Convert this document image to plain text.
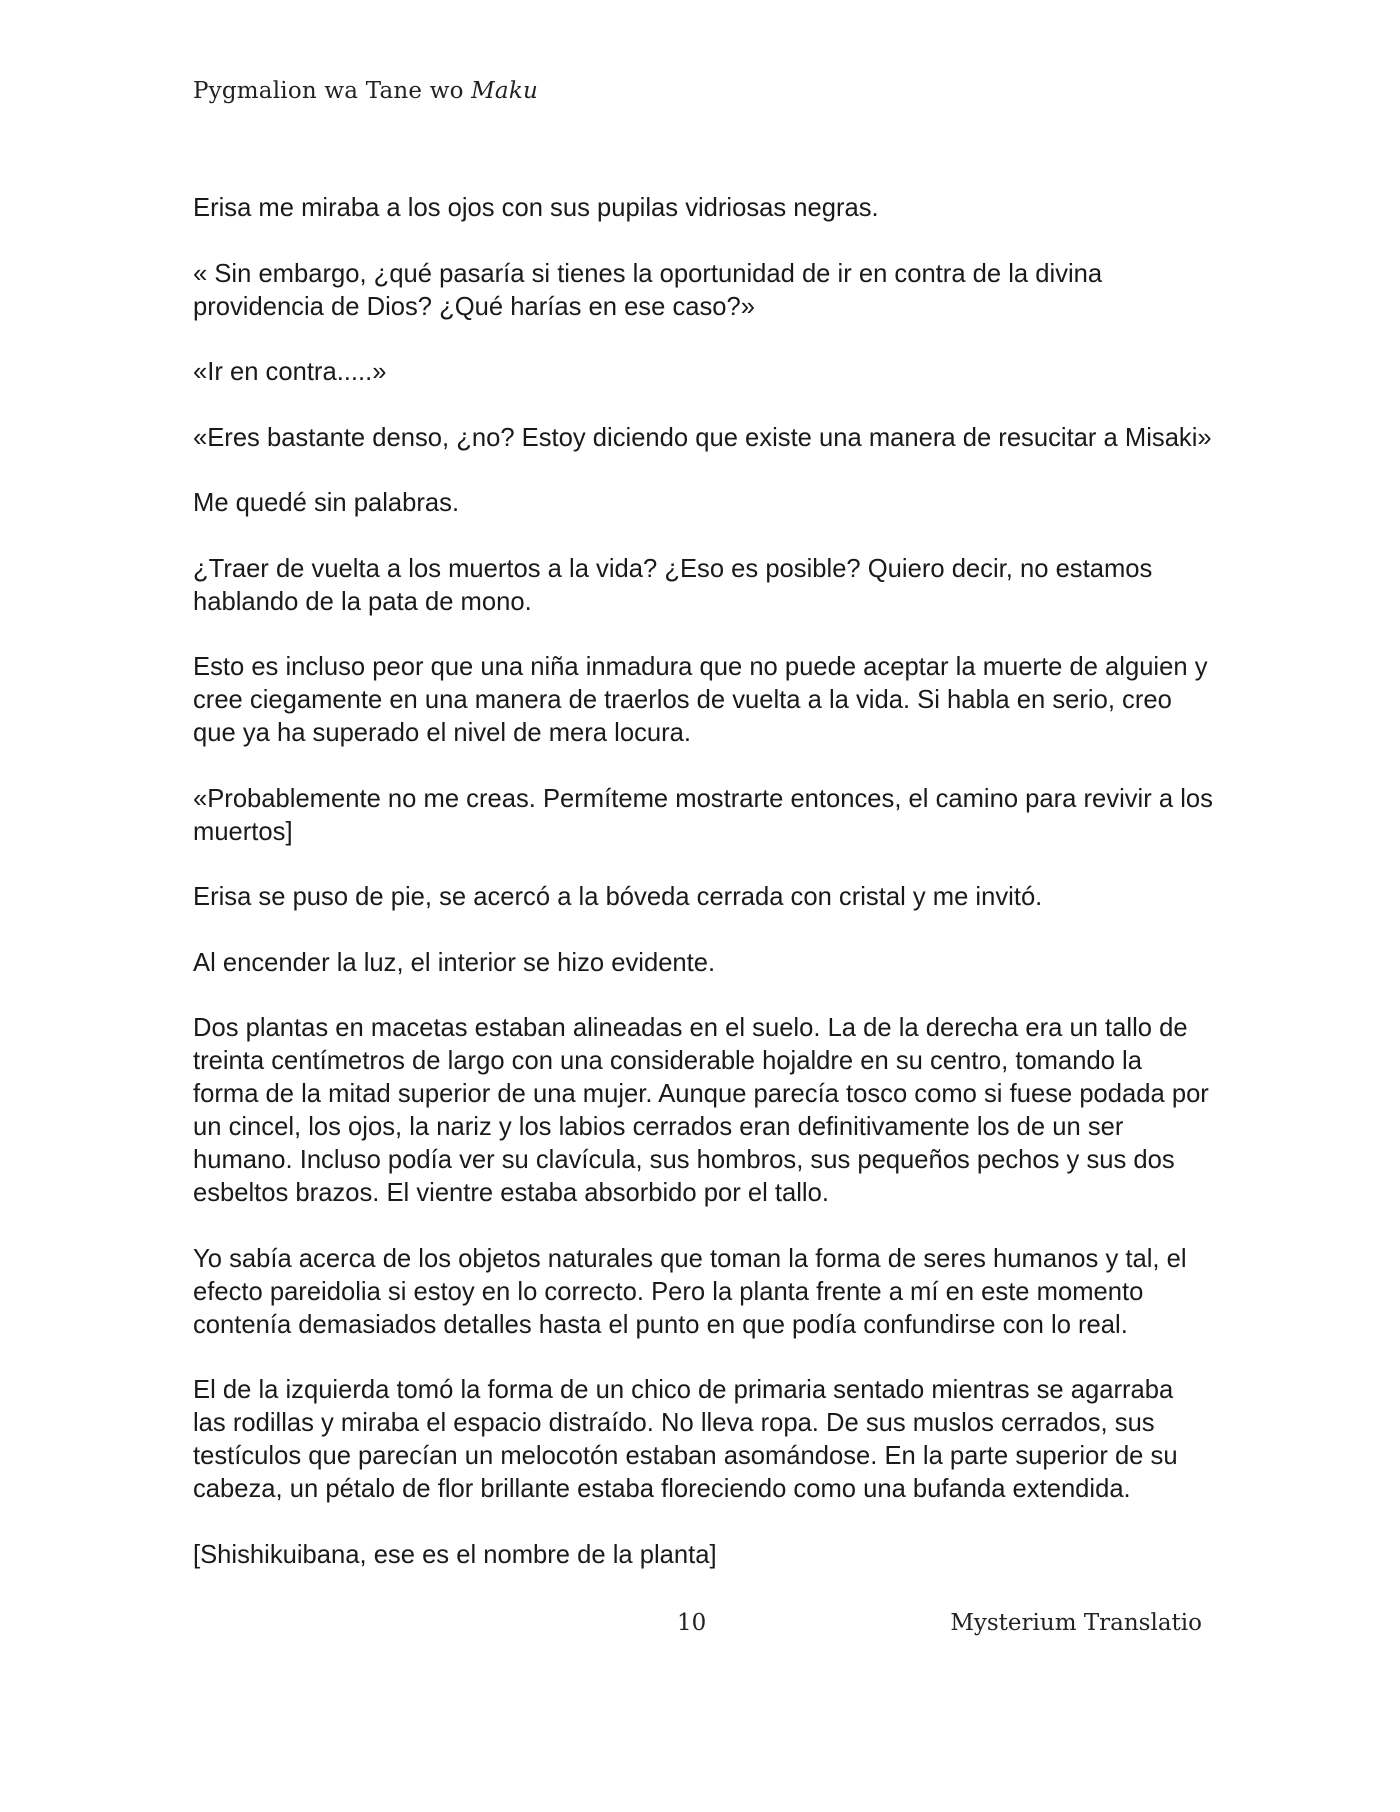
Pygmalion wa Tane wo Maku

Erisa me miraba a los ojos con sus pupilas vidriosas negras.

« Sin embargo, ¿qué pasaría si tienes la oportunidad de ir en contra de la divina providencia de Dios? ¿Qué harías en ese caso?»

«Ir en contra.....»

«Eres bastante denso, ¿no? Estoy diciendo que existe una manera de resucitar a Misaki»

Me quedé sin palabras.

¿Traer de vuelta a los muertos a la vida? ¿Eso es posible? Quiero decir, no estamos hablando de la pata de mono.

Esto es incluso peor que una niña inmadura que no puede aceptar la muerte de alguien y cree ciegamente en una manera de traerlos de vuelta a la vida. Si habla en serio, creo que ya ha superado el nivel de mera locura.

«Probablemente no me creas. Permíteme mostrarte entonces, el camino para revivir a los muertos]

Erisa se puso de pie, se acercó a la bóveda cerrada con cristal y me invitó.

Al encender la luz, el interior se hizo evidente.

Dos plantas en macetas estaban alineadas en el suelo. La de la derecha era un tallo de treinta centímetros de largo con una considerable hojaldre en su centro, tomando la forma de la mitad superior de una mujer. Aunque parecía tosco como si fuese podada por un cincel, los ojos, la nariz y los labios cerrados eran definitivamente los de un ser humano. Incluso podía ver su clavícula, sus hombros, sus pequeños pechos y sus dos esbeltos brazos. El vientre estaba absorbido por el tallo.

Yo sabía acerca de los objetos naturales que toman la forma de seres humanos y tal, el efecto pareidolia si estoy en lo correcto. Pero la planta frente a mí en este momento contenía demasiados detalles hasta el punto en que podía confundirse con lo real.

El de la izquierda tomó la forma de un chico de primaria sentado mientras se agarraba las rodillas y miraba el espacio distraído. No lleva ropa. De sus muslos cerrados, sus testículos que parecían un melocotón estaban asomándose. En la parte superior de su cabeza, un pétalo de flor brillante estaba floreciendo como una bufanda extendida.

[Shishikuibana, ese es el nombre de la planta]

10	Mysterium Translatio
